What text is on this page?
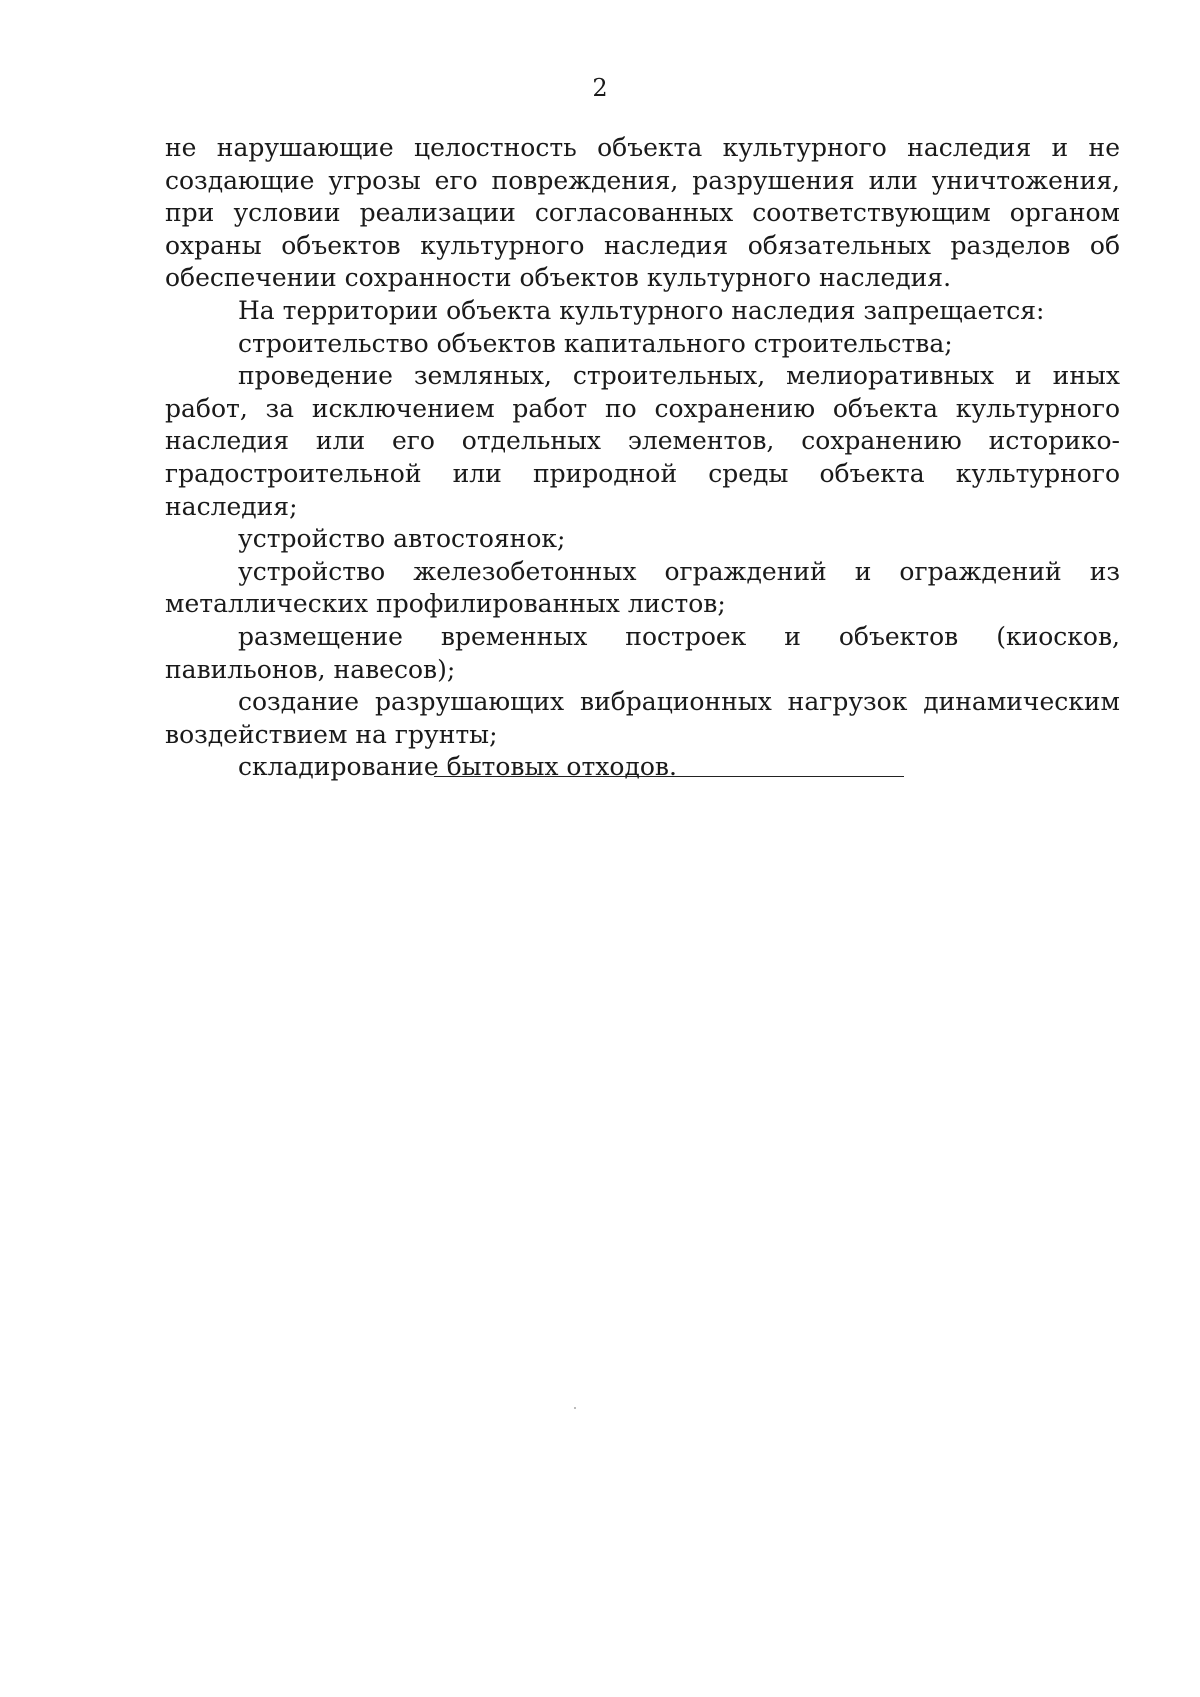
2

не нарушающие целостность объекта культурного наследия и не создающие угрозы его повреждения, разрушения или уничтожения, при условии реализации согласованных соответствующим органом охраны объектов культурного наследия обязательных разделов об обеспечении сохранности объектов культурного наследия.

На территории объекта культурного наследия запрещается:

строительство объектов капитального строительства;

проведение земляных, строительных, мелиоративных и иных работ, за исключением работ по сохранению объекта культурного наследия или его отдельных элементов, сохранению историко-градостроительной или природной среды объекта культурного наследия;

устройство автостоянок;

устройство железобетонных ограждений и ограждений из металлических профилированных листов;

размещение временных построек и объектов (киосков, павильонов, навесов);

создание разрушающих вибрационных нагрузок динамическим воздействием на грунты;

складирование бытовых отходов.
